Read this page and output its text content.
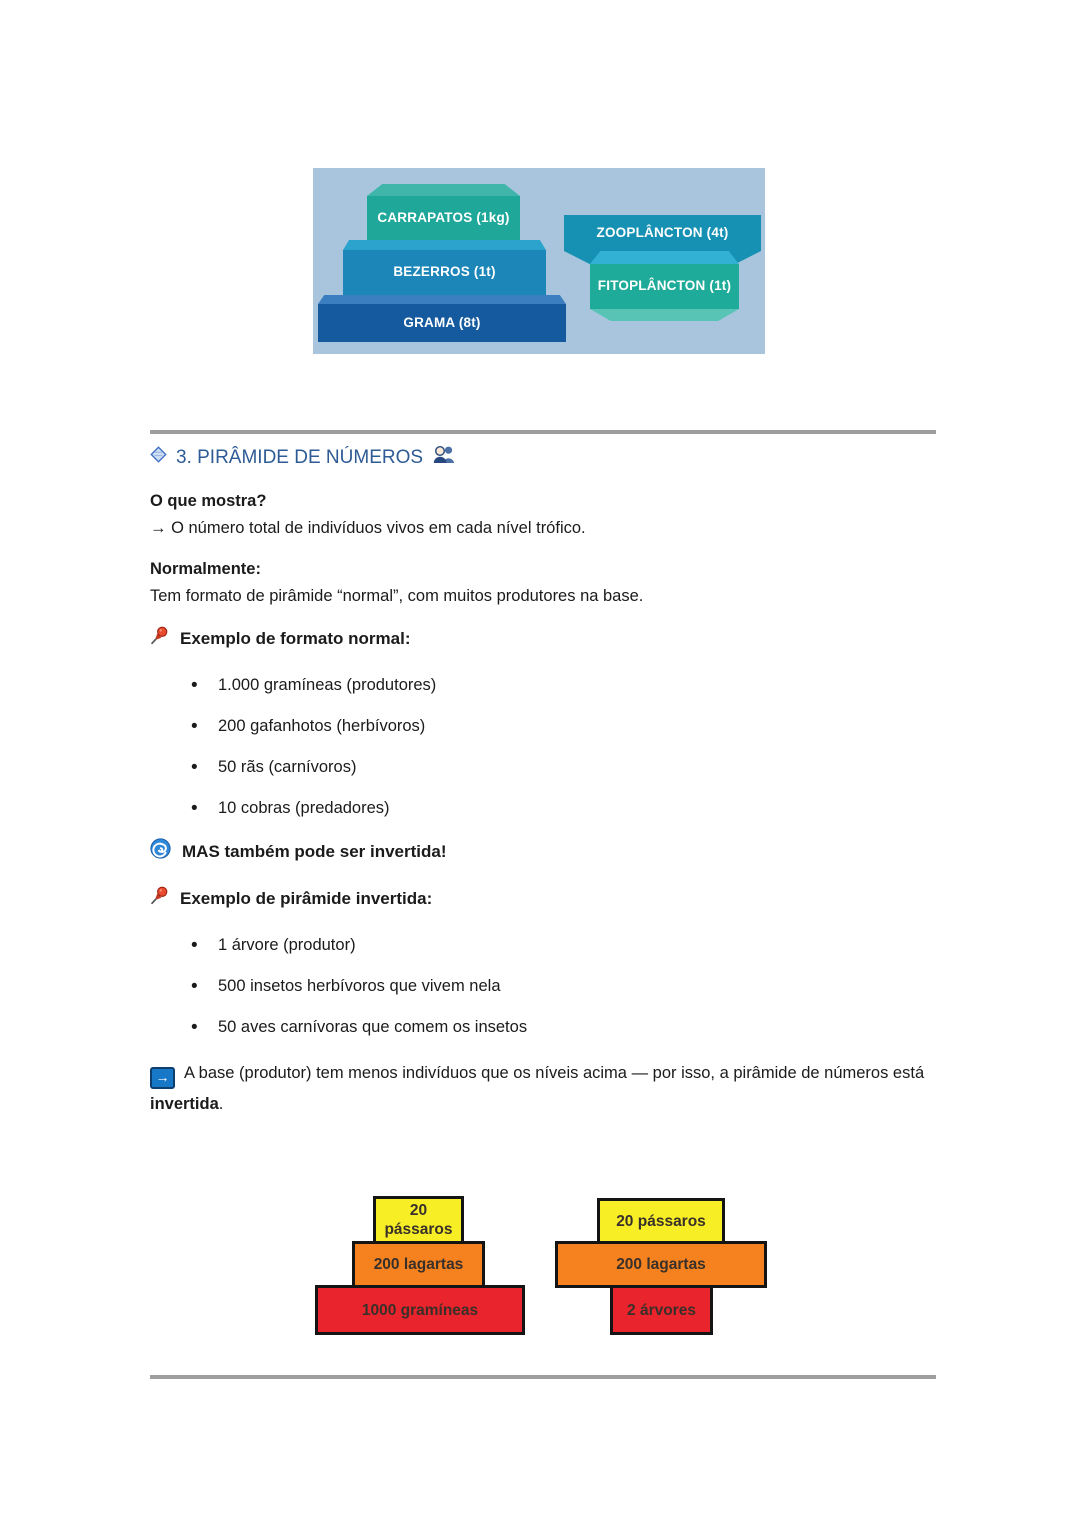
CARRAPATOS (1kg)
BEZERROS (1t)
GRAMA (8t)
ZOOPLÂNCTON (4t)
FITOPLÂNCTON (1t)
3. PIRÂMIDE DE NÚMEROS

O que mostra?
→ O número total de indivíduos vivos em cada nível trófico.

Normalmente:
Tem formato de pirâmide “normal”, com muitos produtores na base.

Exemplo de formato normal:
• 1.000 gramíneas (produtores)
• 200 gafanhotos (herbívoros)
• 50 rãs (carnívoros)
• 10 cobras (predadores)
MAS também pode ser invertida!
Exemplo de pirâmide invertida:
• 1 árvore (produtor)
• 500 insetos herbívoros que vivem nela
• 50 aves carnívoras que comem os insetos

→ A base (produtor) tem menos indivíduos que os níveis acima — por isso, a pirâmide de números está invertida.

20
pássaros
200 lagartas
1000 gramíneas
20 pássaros
200 lagartas
2 árvores
